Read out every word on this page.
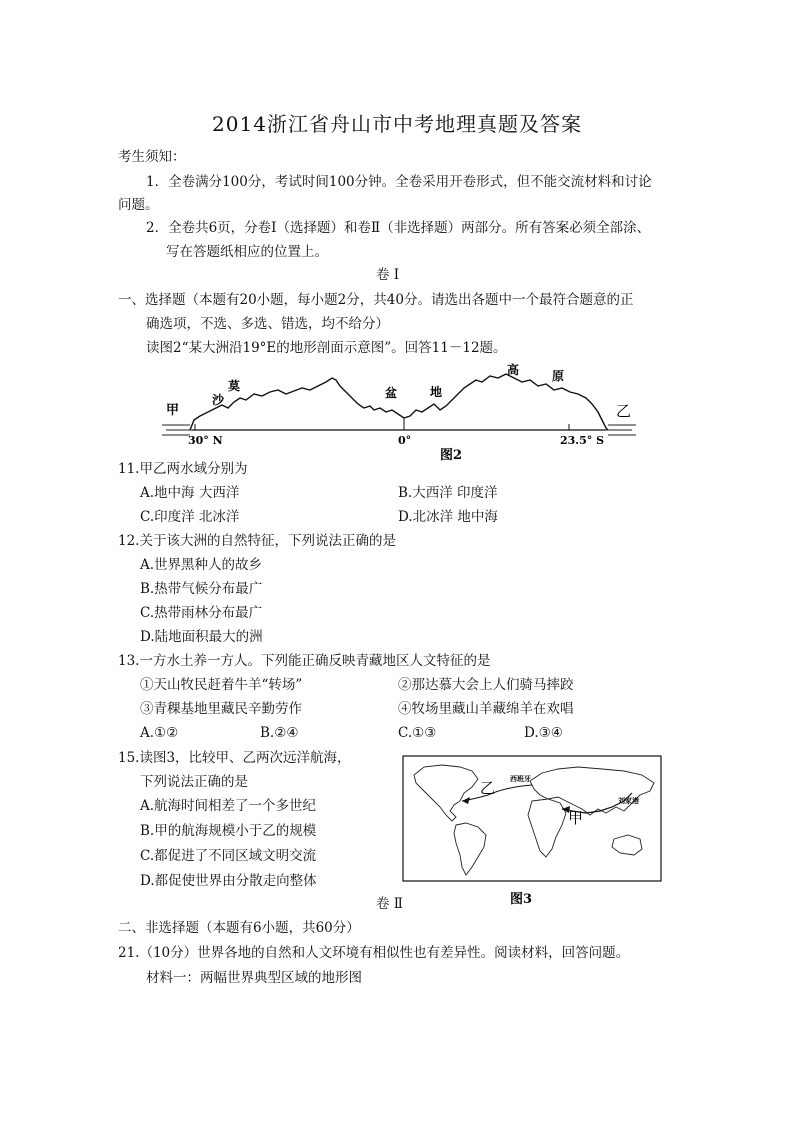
2014浙江省舟山市中考地理真题及答案
考生须知：
1．全卷满分100分，考试时间100分钟。全卷采用开卷形式，但不能交流材料和讨论
问题。
2．全卷共6页，分卷Ⅰ（选择题）和卷Ⅱ（非选择题）两部分。所有答案必须全部涂、
写在答题纸相应的位置上。
卷 Ⅰ
一、选择题（本题有20小题，每小题2分，共40分。请选出各题中一个最符合题意的正
确选项，不选、多选、错选，均不给分）
读图2“某大洲沿19°E的地形剖面示意图”。回答11－12题。
甲	乙
沙
莫	盆	地
高	原
30° N	0°	23.5° S
图2
11.甲乙两水域分别为
A.地中海 大西洋	B.大西洋 印度洋
C.印度洋 北冰洋	D.北冰洋 地中海
12.关于该大洲的自然特征，下列说法正确的是
A.世界黑种人的故乡
B.热带气候分布最广
C.热带雨林分布最广
D.陆地面积最大的洲
13.一方水土养一方人。下列能正确反映青藏地区人文特征的是
①天山牧民赶着牛羊“转场”	②那达慕大会上人们骑马摔跤
③青稞基地里藏民辛勤劳作	④牧场里藏山羊藏绵羊在欢唱
A.①②	B.②④	C.①③	D.③④
15.读图3，比较甲、乙两次远洋航海，
下列说法正确的是
A.航海时间相差了一个多世纪
B.甲的航海规模小于乙的规模
C.都促进了不同区域文明交流
D.都促使世界由分散走向整体
西班牙
刘家港
乙
甲
图3
卷 Ⅱ
二、非选择题（本题有6小题，共60分）
21.（10分）世界各地的自然和人文环境有相似性也有差异性。阅读材料，回答问题。
材料一：两幅世界典型区域的地形图
